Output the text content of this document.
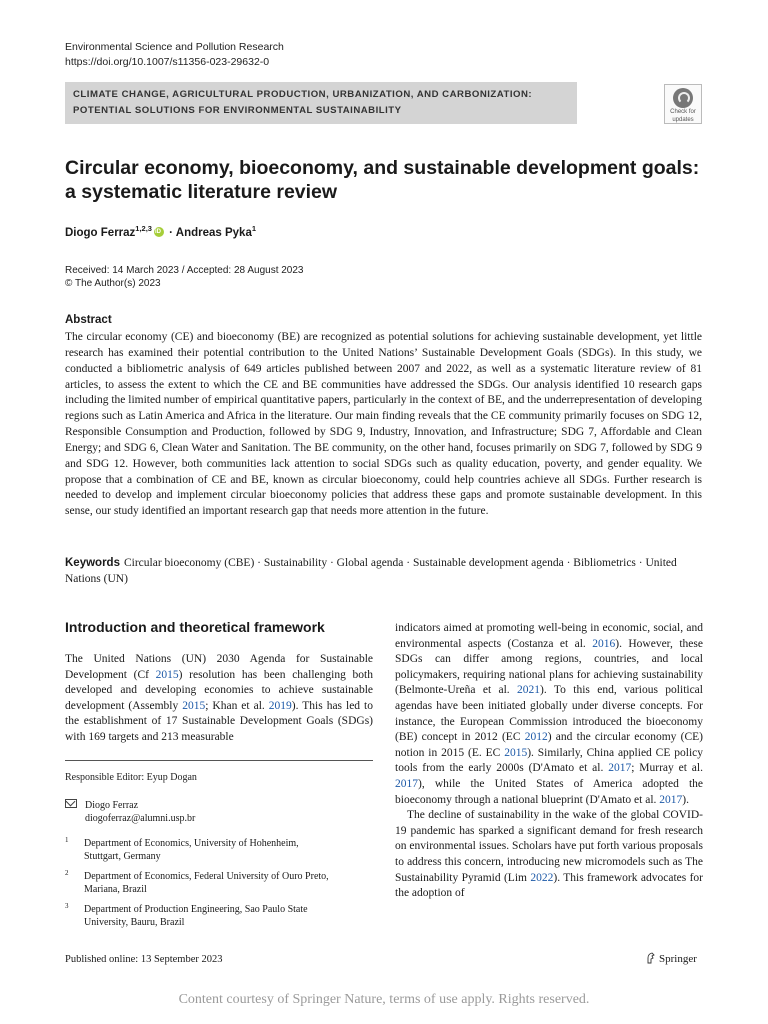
Environmental Science and Pollution Research
https://doi.org/10.1007/s11356-023-29632-0
CLIMATE CHANGE, AGRICULTURAL PRODUCTION, URBANIZATION, AND CARBONIZATION:
POTENTIAL SOLUTIONS FOR ENVIRONMENTAL SUSTAINABILITY	Check for
updates
Circular economy, bioeconomy, and sustainable development goals:
a systematic literature review
Diogo Ferraz$^{1,2,3}$iD · Andreas Pyka$^1$
Received: 14 March 2023 / Accepted: 28 August 2023
© The Author(s) 2023
Abstract

The circular economy (CE) and bioeconomy (BE) are recognized as potential solutions for achieving sustainable development, yet little research has examined their potential contribution to the United Nations’ Sustainable Development Goals (SDGs). In this study, we conducted a bibliometric analysis of 649 articles published between 2007 and 2022, as well as a systematic literature review of 81 articles, to assess the extent to which the CE and BE communities have addressed the SDGs. Our analysis identified 10 research gaps including the limited number of empirical quantitative papers, particularly in the context of BE, and the underrepresentation of developing regions such as Latin America and Africa in the literature. Our main finding reveals that the CE community primarily focuses on SDG 12, Responsible Consumption and Production, followed by SDG 9, Industry, Innovation, and Infrastructure; SDG 7, Affordable and Clean Energy; and SDG 6, Clean Water and Sanitation. The BE community, on the other hand, focuses primarily on SDG 7, followed by SDG 9 and SDG 12. However, both communities lack attention to social SDGs such as quality education, poverty, and gender equality. We propose that a combination of CE and BE, known as circular bioeconomy, could help countries achieve all SDGs. Further research is needed to develop and implement circular bioeconomy policies that address these gaps and promote sustainable development. In this sense, our study identified an important research gap that needs more attention in the future.

Keywords Circular bioeconomy (CBE) · Sustainability · Global agenda · Sustainable development agenda · Bibliometrics · United Nations (UN)
Introduction and theoretical framework

The United Nations (UN) 2030 Agenda for Sustainable Development (Cf 2015) resolution has been challenging both developed and developing economies to achieve sustainable development (Assembly 2015; Khan et al. 2019). This has led to the establishment of 17 Sustainable Development Goals (SDGs) with 169 targets and 213 measurable

Responsible Editor: Eyup Dogan
Diogo Ferraz
diogoferraz@alumni.usp.br
1 Department of Economics, University of Hohenheim,
Stuttgart, Germany
2 Department of Economics, Federal University of Ouro Preto,
Mariana, Brazil
3 Department of Production Engineering, Sao Paulo State
University, Bauru, Brazil

indicators aimed at promoting well-being in economic, social, and environmental aspects (Costanza et al. 2016). However, these SDGs can differ among regions, countries, and local policymakers, requiring national plans for achieving sustainability (Belmonte-Ureña et al. 2021). To this end, various political agendas have been initiated globally under diverse concepts. For instance, the European Commission introduced the bioeconomy (BE) concept in 2012 (EC 2012) and the circular economy (CE) notion in 2015 (E. EC 2015). Similarly, China applied CE policy tools from the early 2000s (D'Amato et al. 2017; Murray et al. 2017), while the United States of America adopted the bioeconomy through a national blueprint (D'Amato et al. 2017).

The decline of sustainability in the wake of the global COVID-19 pandemic has sparked a significant demand for fresh research on environmental issues. Scholars have put forth various proposals to address this concern, introducing new micromodels such as The Sustainability Pyramid (Lim 2022). This framework advocates for the adoption of

Published online: 13 September 2023	Springer
Content courtesy of Springer Nature, terms of use apply. Rights reserved.
